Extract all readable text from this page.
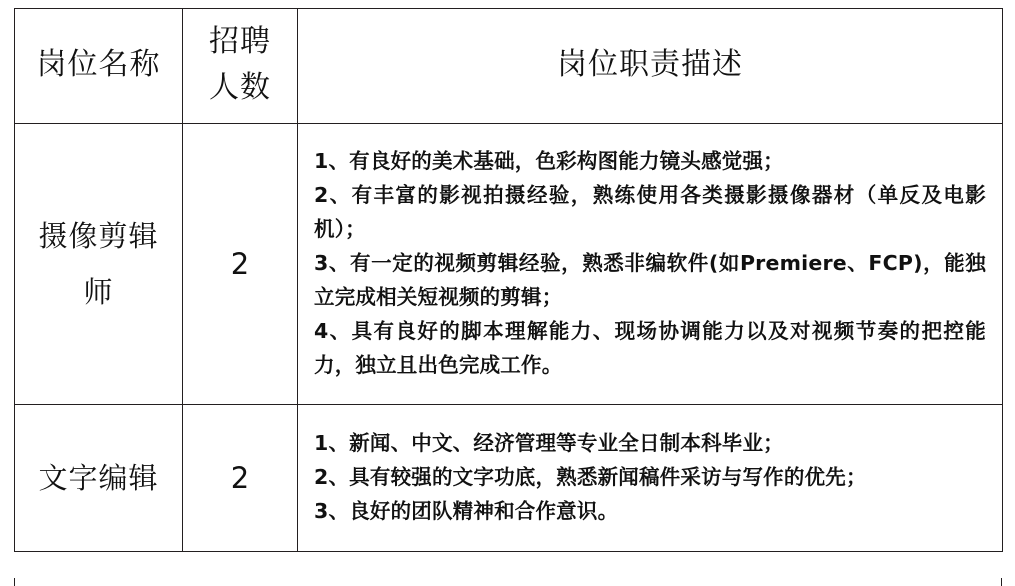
岗位名称	招聘人数	岗位职责描述
摄像剪辑师	2	1、有良好的美术基础，色彩构图能力镜头感觉强；
2、有丰富的影视拍摄经验，熟练使用各类摄影摄像器材（单反及电影机）；
3、有一定的视频剪辑经验，熟悉非编软件(如Premiere、FCP)，能独立完成相关短视频的剪辑；
4、具有良好的脚本理解能力、现场协调能力以及对视频节奏的把控能力，独立且出色完成工作。

文字编辑	2	1、新闻、中文、经济管理等专业全日制本科毕业；
2、具有较强的文字功底，熟悉新闻稿件采访与写作的优先；
3、良好的团队精神和合作意识。
